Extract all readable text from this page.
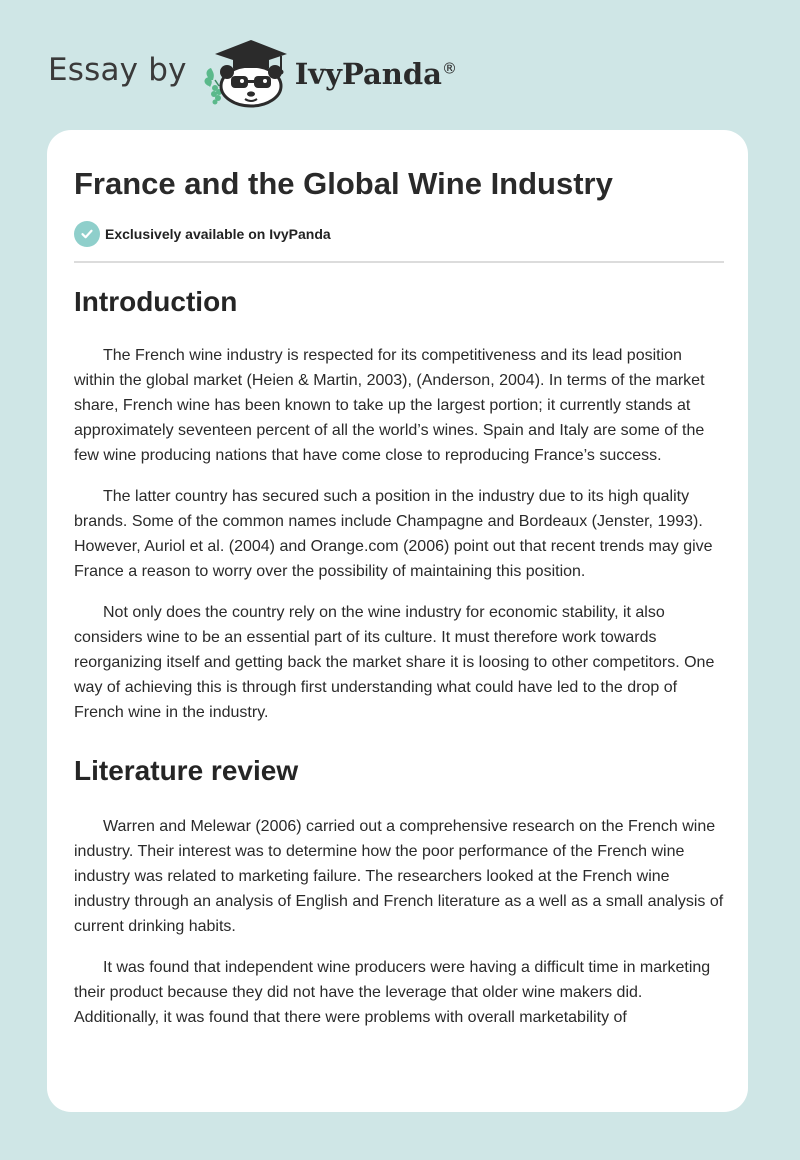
Essay by	IvyPanda®
France and the Global Wine Industry
Exclusively available on IvyPanda
Introduction

The French wine industry is respected for its competitiveness and its lead position within the global market (Heien & Martin, 2003), (Anderson, 2004). In terms of the market share, French wine has been known to take up the largest portion; it currently stands at approximately seventeen percent of all the world’s wines. Spain and Italy are some of the few wine producing nations that have come close to reproducing France’s success.

The latter country has secured such a position in the industry due to its high quality brands. Some of the common names include Champagne and Bordeaux (Jenster, 1993). However, Auriol et al. (2004) and Orange.com (2006) point out that recent trends may give France a reason to worry over the possibility of maintaining this position.

Not only does the country rely on the wine industry for economic stability, it also considers wine to be an essential part of its culture. It must therefore work towards reorganizing itself and getting back the market share it is loosing to other competitors. One way of achieving this is through first understanding what could have led to the drop of French wine in the industry.

Literature review

Warren and Melewar (2006) carried out a comprehensive research on the French wine industry. Their interest was to determine how the poor performance of the French wine industry was related to marketing failure. The researchers looked at the French wine industry through an analysis of English and French literature as a well as a small analysis of current drinking habits.

It was found that independent wine producers were having a difficult time in marketing their product because they did not have the leverage that older wine makers did. Additionally, it was found that there were problems with overall marketability of
